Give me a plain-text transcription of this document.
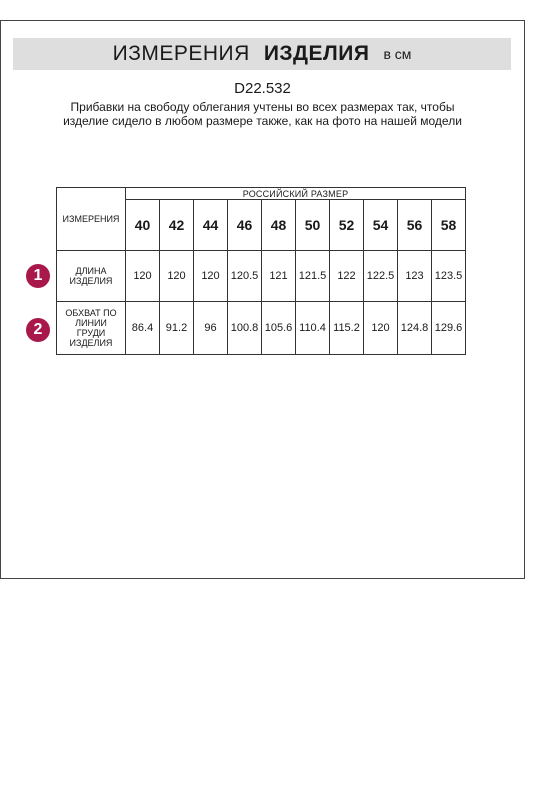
ИЗМЕРЕНИЯ ИЗДЕЛИЯ в см
D22.532
Прибавки на свободу облегания учтены во всех размерах так, чтобы изделие сидело в любом размере также, как на фото на нашей модели
1
2
ИЗМЕРЕНИЯ	РОССИЙСКИЙ РАЗМЕР									
	40	42	44	46	48	50	52	54	56	58
ДЛИНА
ИЗДЕЛИЯ	120	120	120	120.5	121	121.5	122	122.5	123	123.5
ОБХВАТ ПО
ЛИНИИ
ГРУДИ
ИЗДЕЛИЯ	86.4	91.2	96	100.8	105.6	110.4	115.2	120	124.8	129.6
